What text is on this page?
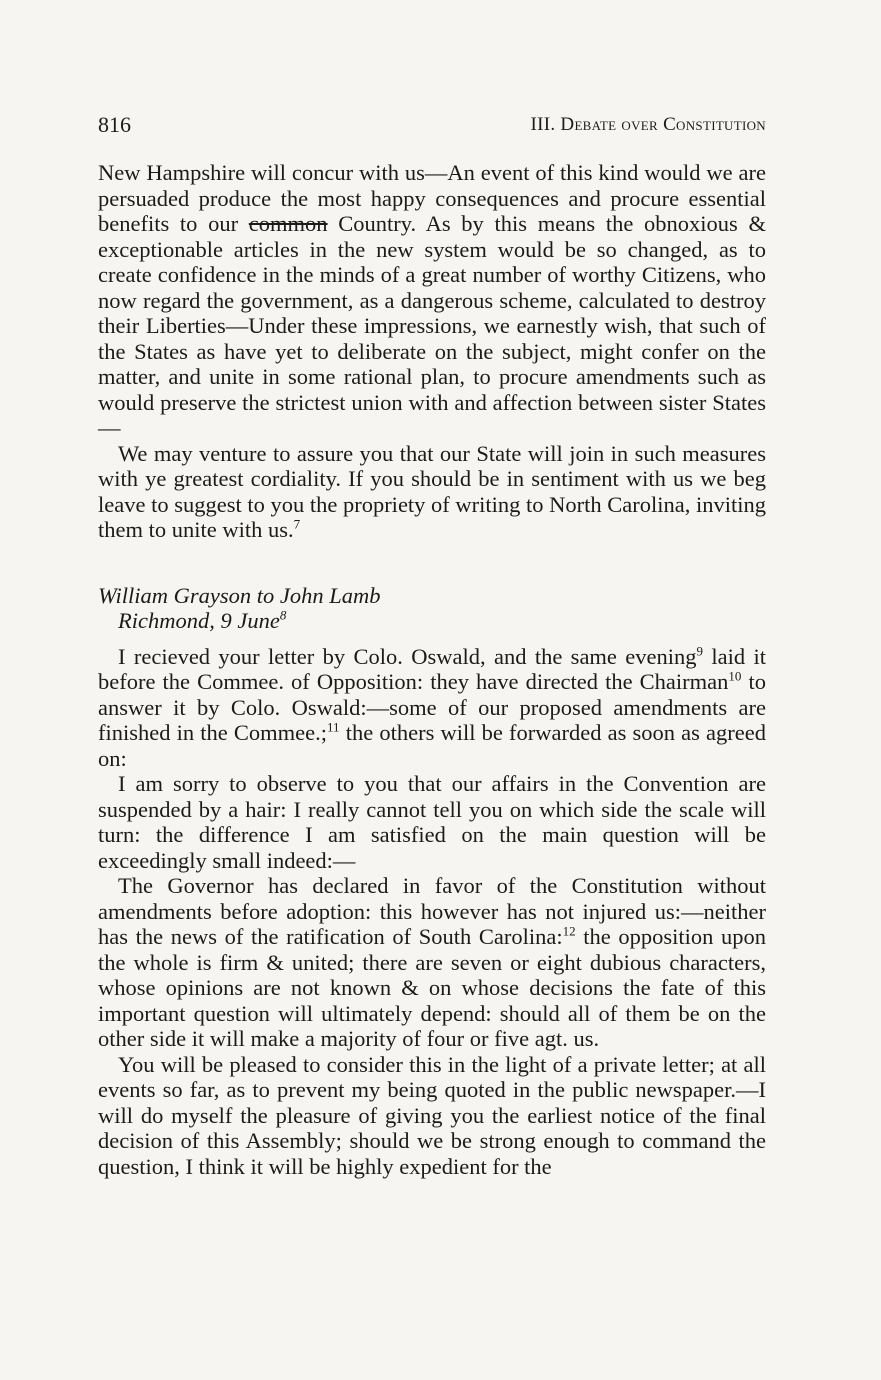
816	III. Debate over Constitution

New Hampshire will concur with us—An event of this kind would we are persuaded produce the most happy consequences and procure essential benefits to our common Country. As by this means the obnoxious & exceptionable articles in the new system would be so changed, as to create confidence in the minds of a great number of worthy Citizens, who now regard the government, as a dangerous scheme, calculated to destroy their Liberties—Under these impressions, we earnestly wish, that such of the States as have yet to deliberate on the subject, might confer on the matter, and unite in some rational plan, to procure amendments such as would preserve the strictest union with and affection between sister States—

We may venture to assure you that our State will join in such measures with ye greatest cordiality. If you should be in sentiment with us we beg leave to suggest to you the propriety of writing to North Carolina, inviting them to unite with us.$^7$

William Grayson to John Lamb

Richmond, 9 June$^8$

I recieved your letter by Colo. Oswald, and the same evening$^9$ laid it before the Commee. of Opposition: they have directed the Chairman$^{10}$ to answer it by Colo. Oswald:—some of our proposed amendments are finished in the Commee.;$^{11}$ the others will be forwarded as soon as agreed on:

I am sorry to observe to you that our affairs in the Convention are suspended by a hair: I really cannot tell you on which side the scale will turn: the difference I am satisfied on the main question will be exceedingly small indeed:—

The Governor has declared in favor of the Constitution without amendments before adoption: this however has not injured us:—neither has the news of the ratification of South Carolina:$^{12}$ the opposition upon the whole is firm & united; there are seven or eight dubious characters, whose opinions are not known & on whose decisions the fate of this important question will ultimately depend: should all of them be on the other side it will make a majority of four or five agt. us.

You will be pleased to consider this in the light of a private letter; at all events so far, as to prevent my being quoted in the public newspaper.—I will do myself the pleasure of giving you the earliest notice of the final decision of this Assembly; should we be strong enough to command the question, I think it will be highly expedient for the
